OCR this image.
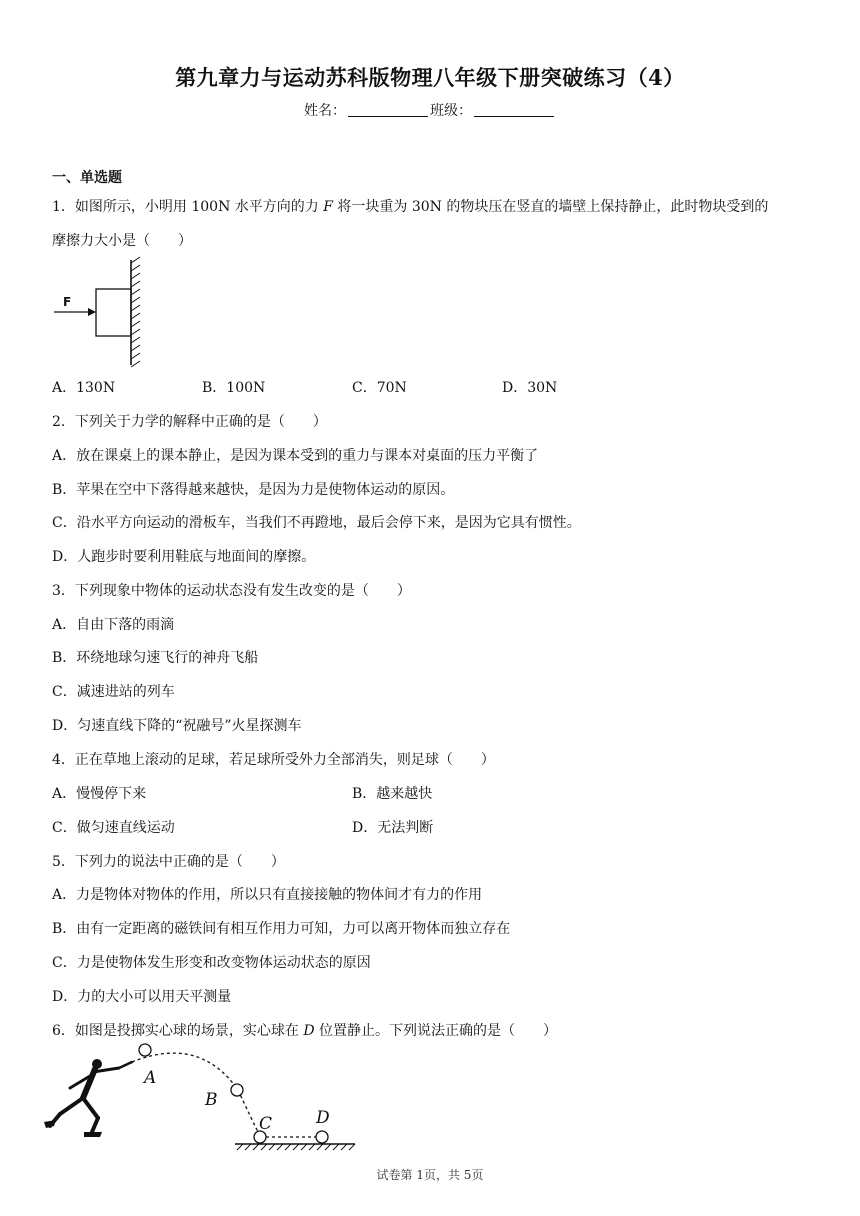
第九章力与运动苏科版物理八年级下册突破练习（4）
姓名：	班级：
一、单选题
1．如图所示，小明用 100N 水平方向的力 F 将一块重为 30N 的物块压在竖直的墙壁上保持静止，此时物块受到的
摩擦力大小是（　　）
F
A．130N	B．100N	C．70N	D．30N
2．下列关于力学的解释中正确的是（　　）
A．放在课桌上的课本静止，是因为课本受到的重力与课本对桌面的压力平衡了
B．苹果在空中下落得越来越快，是因为力是使物体运动的原因。
C．沿水平方向运动的滑板车，当我们不再蹬地，最后会停下来，是因为它具有惯性。
D．人跑步时要利用鞋底与地面间的摩擦。
3．下列现象中物体的运动状态没有发生改变的是（　　）
A．自由下落的雨滴
B．环绕地球匀速飞行的神舟飞船
C．减速进站的列车
D．匀速直线下降的“祝融号”火星探测车
4．正在草地上滚动的足球，若足球所受外力全部消失，则足球（　　）
A．慢慢停下来	B．越来越快
C．做匀速直线运动	D．无法判断
5．下列力的说法中正确的是（　　）
A．力是物体对物体的作用，所以只有直接接触的物体间才有力的作用
B．由有一定距离的磁铁间有相互作用力可知，力可以离开物体而独立存在
C．力是使物体发生形变和改变物体运动状态的原因
D．力的大小可以用天平测量
6．如图是投掷实心球的场景，实心球在 D 位置静止。下列说法正确的是（　　）
A
B
C	D
试卷第 1页，共 5页
